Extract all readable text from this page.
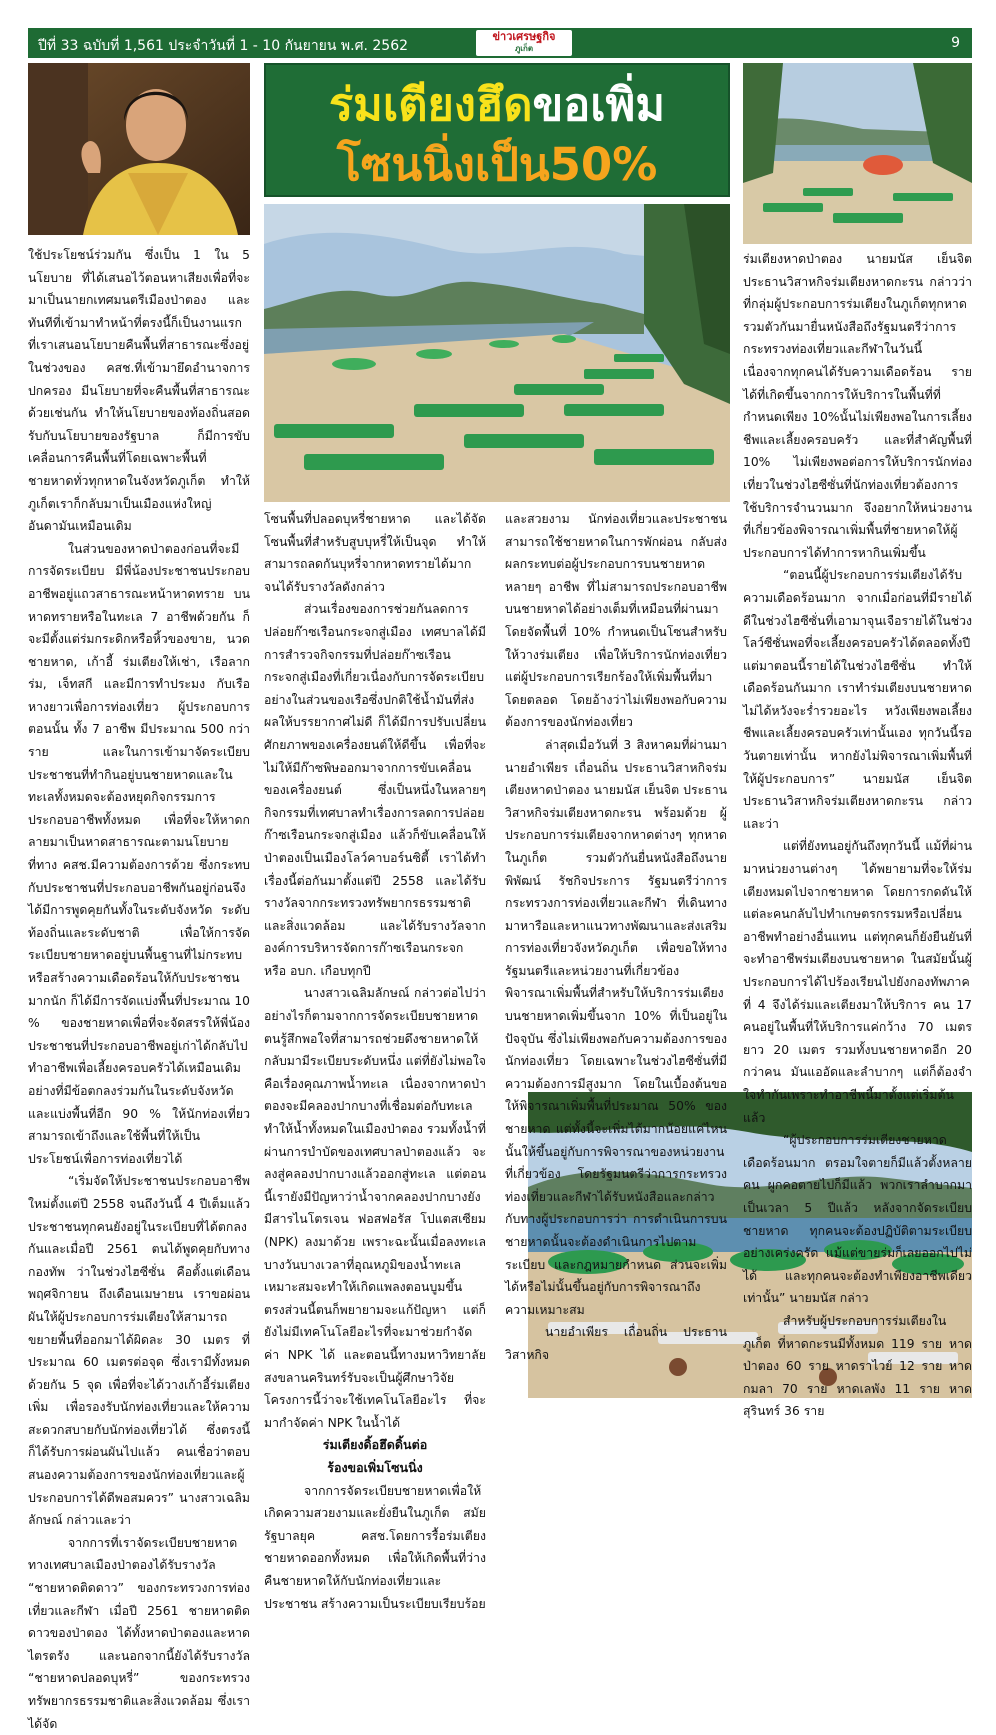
ปีที่ 33 ฉบับที่ 1,561 ประจำวันที่ 1 - 10 กันยายน พ.ศ. 2562
ข่าวเศรษฐกิจ
ภูเก็ต	9
ร่มเตียงฮึดขอเพิ่ม
โซนนิ่งเป็น50%

ใช้ประโยชน์ร่วมกัน ซึ่งเป็น 1 ใน 5 นโยบาย ที่ได้เสนอไว้ตอนหาเสียงเพื่อที่จะมาเป็นนายกเทศมนตรีเมืองป่าตอง และทันทีที่เข้ามาทำหน้าที่ตรงนี้ก็เป็นงานแรกที่เราเสนอนโยบายคืนพื้นที่สาธารณะซึ่งอยู่ในช่วงของ คสช.ที่เข้ามายึดอำนาจการปกครอง มีนโยบายที่จะคืนพื้นที่สาธารณะด้วยเช่นกัน ทำให้นโยบายของท้องถิ่นสอดรับกับนโยบายของรัฐบาล ก็มีการขับเคลื่อนการคืนพื้นที่โดยเฉพาะพื้นที่ชายหาดทั่วทุกหาดในจังหวัดภูเก็ต ทำให้ภูเก็ตเราก็กลับมาเป็นเมืองแห่งใหญ่อันดามันเหมือนเดิม

ในส่วนของหาดป่าตองก่อนที่จะมีการจัดระเบียบ มีพี่น้องประชาชนประกอบอาชีพอยู่แถวสาธารณะหน้าหาดทราย บนหาดทรายหรือในทะเล 7 อาชีพด้วยกัน ก็จะมีตั้งแต่ร่มกระดิกหรือหิ้วของขาย, นวดชายหาด, เก้าอี้ ร่มเตียงให้เช่า, เรือลากร่ม, เจ็ทสกี และมีการทำประมง กับเรือหางยาวเพื่อการท่องเที่ยว ผู้ประกอบการตอนนั้น ทั้ง 7 อาชีพ มีประมาณ 500 กว่าราย และในการเข้ามาจัดระเบียบ ประชาชนที่ทำกินอยู่บนชายหาดและในทะเลทั้งหมดจะต้องหยุดกิจกรรมการประกอบอาชีพทั้งหมด เพื่อที่จะให้หาดกลายมาเป็นหาดสาธารณะตามนโยบาย ที่ทาง คสช.มีความต้องการด้วย ซึ่งกระทบกับประชาชนที่ประกอบอาชีพกันอยู่ก่อนจึงได้มีการพูดคุยกันทั้งในระดับจังหวัด ระดับท้องถิ่นและระดับชาติ เพื่อให้การจัดระเบียบชายหาดอยู่บนพื้นฐานที่ไม่กระทบหรือสร้างความเดือดร้อนให้กับประชาชนมากนัก ก็ได้มีการจัดแบ่งพื้นที่ประมาณ 10 % ของชายหาดเพื่อที่จะจัดสรรให้พี่น้องประชาชนที่ประกอบอาชีพอยู่เก่าได้กลับไปทำอาชีพเพื่อเลี้ยงครอบครัวได้เหมือนเดิม อย่างที่มีข้อตกลงร่วมกันในระดับจังหวัด และแบ่งพื้นที่อีก 90 % ให้นักท่องเที่ยวสามารถเข้าถึงและใช้พื้นที่ให้เป็นประโยชน์เพื่อการท่องเที่ยวได้

“เริ่มจัดให้ประชาชนประกอบอาชีพใหม่ตั้งแต่ปี 2558 จนถึงวันนี้ 4 ปีเต็มแล้ว ประชาชนทุกคนยังอยู่ในระเบียบที่ได้ตกลงกันและเมื่อปี 2561 ตนได้พูดคุยกับทางกองทัพ ว่าในช่วงไฮซีซั่น คือตั้งแต่เดือนพฤศจิกายน ถึงเดือนเมษายน เราขอผ่อนผันให้ผู้ประกอบการร่มเตียงให้สามารถขยายพื้นที่ออกมาได้ผิดละ 30 เมตร ที่ประมาณ 60 เมตรต่อจุด ซึ่งเรามีทั้งหมดด้วยกัน 5 จุด เพื่อที่จะได้วางเก้าอี้ร่มเตียงเพิ่ม เพื่อรองรับนักท่องเที่ยวและให้ความสะดวกสบายกับนักท่องเที่ยวได้ ซึ่งตรงนี้ก็ได้รับการผ่อนผันไปแล้ว คนเชื่อว่าตอบสนองความต้องการของนักท่องเที่ยวและผู้ประกอบการได้ดีพอสมควร” นางสาวเฉลิมลักษณ์ กล่าวและว่า

จากการที่เราจัดระเบียบชายหาด ทางเทศบาลเมืองป่าตองได้รับรางวัล “ชายหาดติดดาว” ของกระทรวงการท่องเที่ยวและกีฬา เมื่อปี 2561 ชายหาดติดดาวของป่าตอง ได้ทั้งหาดป่าตองและหาดไตรตรัง และนอกจากนี้ยังได้รับรางวัล “ชายหาดปลอดบุหรี่” ของกระทรวงทรัพยากรธรรมชาติและสิ่งแวดล้อม ซึ่งเราได้จัด

โซนพื้นที่ปลอดบุหรี่ชายหาด และได้จัดโซนพื้นที่สำหรับสูบบุหรี่ให้เป็นจุด ทำให้สามารถลดกันบุหรี่จากหาดทรายได้มาก จนได้รับรางวัลดังกล่าว

ส่วนเรื่องของการช่วยกันลดการปล่อยก๊าซเรือนกระจกสู่เมือง เทศบาลได้มีการสำรวจกิจกรรมที่ปล่อยก๊าซเรือนกระจกสู่เมืองที่เกี่ยวเนื่องกับการจัดระเบียบ อย่างในส่วนของเรือซึ่งปกติใช้น้ำมันที่ส่งผลให้บรรยากาศไม่ดี ก็ได้มีการปรับเปลี่ยนศักยภาพของเครื่องยนต์ให้ดีขึ้น เพื่อที่จะไม่ให้มีก๊าซพิษออกมาจากการขับเคลื่อนของเครื่องยนต์ ซึ่งเป็นหนึ่งในหลายๆ กิจกรรมที่เทศบาลทำเรื่องการลดการปล่อยก๊าซเรือนกระจกสู่เมือง แล้วก็ขับเคลื่อนให้ป่าตองเป็นเมืองโลว์คาบอร์นซิตี้ เราได้ทำเรื่องนี้ต่อกันมาตั้งแต่ปี 2558 และได้รับรางวัลจากกระทรวงทรัพยากรธรรมชาติและสิ่งแวดล้อม และได้รับรางวัลจาก องค์การบริหารจัดการก๊าซเรือนกระจก หรือ อบก. เกือบทุกปี

นางสาวเฉลิมลักษณ์ กล่าวต่อไปว่าอย่างไรก็ตามจากการจัดระเบียบชายหาด ตนรู้สึกพอใจที่สามารถช่วยดึงชายหาดให้กลับมามีระเบียบระดับหนึ่ง แต่ที่ยังไม่พอใจคือเรื่องคุณภาพน้ำทะเล เนื่องจากหาดป่าตองจะมีคลองปากบางที่เชื่อมต่อกับทะเลทำให้น้ำทั้งหมดในเมืองป่าตอง รวมทั้งน้ำที่ผ่านการบำบัดของเทศบาลป่าตองแล้ว จะลงสู่คลองปากบางแล้วออกสู่ทะเล แต่ตอนนี้เรายังมีปัญหาว่าน้ำจากคลองปากบางยังมีสารไนโตรเจน ฟอสฟอรัส โปแตสเซียม (NPK) ลงมาด้วย เพราะฉะนั้นเมื่อลงทะเล บางวันบางเวลาที่อุณหภูมิของน้ำทะเลเหมาะสมจะทำให้เกิดแพลงตอนบูมขึ้น ตรงส่วนนี้ตนก็พยายามจะแก้ปัญหา แต่ก็ยังไม่มีเทคโนโลยีอะไรที่จะมาช่วยกำจัดค่า NPK ได้ และตอนนี้ทางมหาวิทยาลัยสงขลานครินทร์รับจะเป็นผู้ศึกษาวิจัยโครงการนี้ว่าจะใช้เทคโนโลยีอะไร ที่จะมากำจัดค่า NPK ในน้ำได้

ร่มเตียงดิ้อฮึดดิ้นต่อ
ร้องขอเพิ่มโซนนิ่ง

จากการจัดระเบียบชายหาดเพื่อให้เกิดความสวยงามและยั่งยืนในภูเก็ต สมัยรัฐบาลยุค คสช.โดยการรื้อร่มเตียงชายหาดออกทั้งหมด เพื่อให้เกิดพื้นที่ว่าง คืนชายหาดให้กับนักท่องเที่ยวและประชาชน สร้างความเป็นระเบียบเรียบร้อย

และสวยงาม นักท่องเที่ยวและประชาชนสามารถใช้ชายหาดในการพักผ่อน กลับส่งผลกระทบต่อผู้ประกอบการบนชายหาดหลายๆ อาชีพ ที่ไม่สามารถประกอบอาชีพบนชายหาดได้อย่างเต็มที่เหมือนที่ผ่านมาโดยจัดพื้นที่ 10% กำหนดเป็นโซนสำหรับให้วางร่มเตียง เพื่อให้บริการนักท่องเที่ยว แต่ผู้ประกอบการเรียกร้องให้เพิ่มพื้นที่มาโดยตลอด โดยอ้างว่าไม่เพียงพอกับความต้องการของนักท่องเที่ยว

ล่าสุดเมื่อวันที่ 3 สิงหาคมที่ผ่านมา นายอำเพียร เถื่อนถิ่น ประธานวิสาหกิจร่มเตียงหาดป่าตอง นายมนัส เย็นจิต ประธานวิสาหกิจร่มเตียงหาดกะรน พร้อมด้วย ผู้ประกอบการร่มเตียงจากหาดต่างๆ ทุกหาดในภูเก็ต รวมตัวกันยื่นหนังสือถึงนายพิพัฒน์ รัชกิจประการ รัฐมนตรีว่าการกระทรวงการท่องเที่ยวและกีฬา ที่เดินทางมาหารือและหาแนวทางพัฒนาและส่งเสริมการท่องเที่ยวจังหวัดภูเก็ต เพื่อขอให้ทางรัฐมนตรีและหน่วยงานที่เกี่ยวข้อง พิจารณาเพิ่มพื้นที่สำหรับให้บริการร่มเตียงบนชายหาดเพิ่มขึ้นจาก 10% ที่เป็นอยู่ในปัจจุบัน ซึ่งไม่เพียงพอกับความต้องการของนักท่องเที่ยว โดยเฉพาะในช่วงไฮซีซั่นที่มีความต้องการมีสูงมาก โดยในเบื้องต้นขอให้พิจารณาเพิ่มพื้นที่ประมาณ 50% ของชายหาด แต่ทั้งนี้จะเพิ่มได้มากน้อยแค่ไหนนั้นให้ขึ้นอยู่กับการพิจารณาของหน่วยงานที่เกี่ยวข้อง โดยรัฐมนตรีว่าการกระทรวงท่องเที่ยวและกีฬาได้รับหนังสือและกล่าวกับทางผู้ประกอบการว่า การดำเนินการบนชายหาดนั้นจะต้องดำเนินการไปตามระเบียบ และกฎหมายกำหนด ส่วนจะเพิ่มได้หรือไม่นั้นขึ้นอยู่กับการพิจารณาถึงความเหมาะสม

นายอำเพียร เถื่อนถิ่น ประธานวิสาหกิจ

ร่มเตียงหาดป่าตอง นายมนัส เย็นจิต ประธานวิสาหกิจร่มเตียงหาดกะรน กล่าวว่า ที่กลุ่มผู้ประกอบการร่มเตียงในภูเก็ตทุกหาดรวมตัวกันมายื่นหนังสือถึงรัฐมนตรีว่าการกระทรวงท่องเที่ยวและกีฬาในวันนี้ เนื่องจากทุกคนได้รับความเดือดร้อน รายได้ที่เกิดขึ้นจากการให้บริการในพื้นที่ที่กำหนดเพียง 10%นั้นไม่เพียงพอในการเลี้ยงชีพและเลี้ยงครอบครัว และที่สำคัญพื้นที่ 10% ไม่เพียงพอต่อการให้บริการนักท่องเที่ยวในช่วงไฮซีซั่นที่นักท่องเที่ยวต้องการใช้บริการจำนวนมาก จึงอยากให้หน่วยงานที่เกี่ยวข้องพิจารณาเพิ่มพื้นที่ชายหาดให้ผู้ประกอบการได้ทำการหากินเพิ่มขึ้น

“ตอนนี้ผู้ประกอบการร่มเตียงได้รับความเดือดร้อนมาก จากเมื่อก่อนที่มีรายได้ดีในช่วงไฮซีซั่นที่เอามาจุนเจือรายได้ในช่วงโลว์ซีซั่นพอที่จะเลี้ยงครอบครัวได้ตลอดทั้งปี แต่มาตอนนี้รายได้ในช่วงไฮซีซั่น ทำให้เดือดร้อนกันมาก เราทำร่มเตียงบนชายหาดไม่ได้หวังจะร่ำรวยอะไร หวังเพียงพอเลี้ยงชีพและเลี้ยงครอบครัวเท่านั้นเอง ทุกวันนี้รอวันตายเท่านั้น หากยังไม่พิจารณาเพิ่มพื้นที่ให้ผู้ประกอบการ” นายมนัส เย็นจิต ประธานวิสาหกิจร่มเตียงหาดกะรน กล่าวและว่า

แต่ที่ยังทนอยู่กันถึงทุกวันนี้ แม้ที่ผ่านมาหน่วยงานต่างๆ ได้พยายามที่จะให้ร่มเตียงหมดไปจากชายหาด โดยการกดดันให้แต่ละคนกลับไปทำเกษตรกรรมหรือเปลี่ยนอาชีพทำอย่างอื่นแทน แต่ทุกคนก็ยังยืนยันที่จะทำอาชีพร่มเตียงบนชายหาด ในสมัยนั้นผู้ประกอบการได้ไปร้องเรียนไปยังกองทัพภาคที่ 4 จึงได้ร่มและเตียงมาให้บริการ คน 17 คนอยู่ในพื้นที่ให้บริการแค่กว้าง 70 เมตรยาว 20 เมตร รวมทั้งบนชายหาดอีก 20 กว่าคน มันแออัดและลำบากๆ แต่ก็ต้องจำใจทำกันเพราะทำอาชีพนี้มาตั้งแต่เริ่มต้นแล้ว

“ผู้ประกอบการร่มเตียงชายหาดเดือดร้อนมาก ตรอมใจตายก็มีแล้วตั้งหลายคน ผูกคอตายไปก็มีแล้ว พวกเราลำบากมาเป็นเวลา 5 ปีแล้ว หลังจากจัดระเบียบชายหาด ทุกคนจะต้องปฏิบัติตามระเบียบอย่างเคร่งครัด แม้แต่ขายร่มก็เลยออกไปไม่ได้ และทุกคนจะต้องทำเพียงอาชีพเดียวเท่านั้น” นายมนัส กล่าว

สำหรับผู้ประกอบการร่มเตียงในภูเก็ต ที่หาดกะรนมีทั้งหมด 119 ราย หาดป่าตอง 60 ราย หาดราไวย์ 12 ราย หาดกมลา 70 ราย หาดเลพัง 11 ราย หาดสุรินทร์ 36 ราย
